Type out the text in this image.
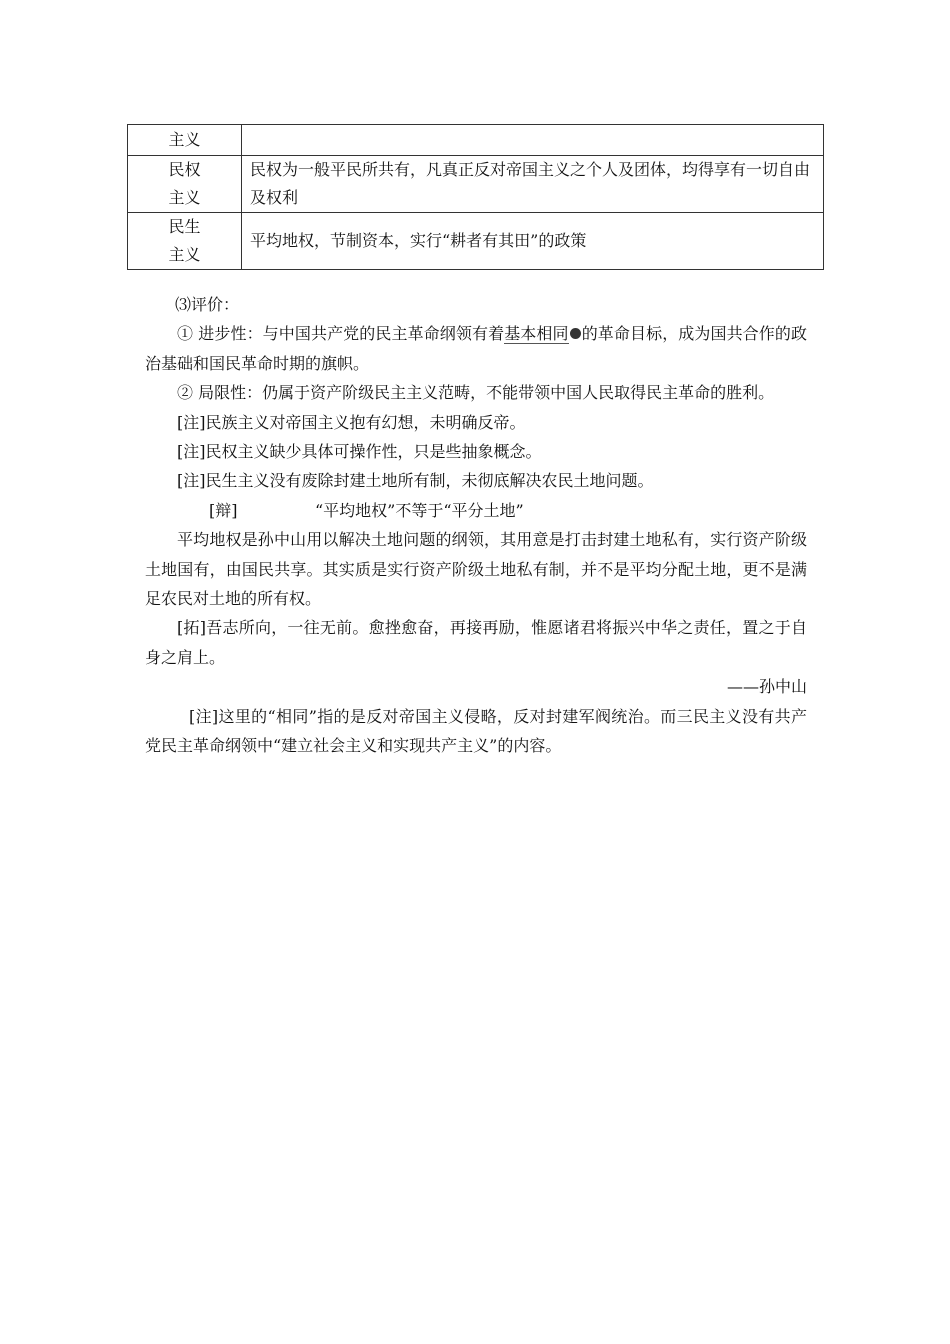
主义	

民权
主义	民权为一般平民所共有，凡真正反对帝国主义之个人及团体，均得享有一切自由及权利

民生
主义	平均地权，节制资本，实行“耕者有其田”的政策

⑶评价：

① 进步性：与中国共产党的民主革命纲领有着基本相同 的革命目标，成为国共合作的政治基础和国民革命时期的旗帜。

② 局限性：仍属于资产阶级民主主义范畴，不能带领中国人民取得民主革命的胜利。

[注]民族主义对帝国主义抱有幻想，未明确反帝。

[注]民权主义缺少具体可操作性，只是些抽象概念。

[注]民生主义没有废除封建土地所有制，未彻底解决农民土地问题。

[辩]	“平均地权”不等于“平分土地”

平均地权是孙中山用以解决土地问题的纲领，其用意是打击封建土地私有，实行资产阶级土地国有，由国民共享。其实质是实行资产阶级土地私有制，并不是平均分配土地，更不是满足农民对土地的所有权。

[拓]吾志所向，一往无前。愈挫愈奋，再接再励，惟愿诸君将振兴中华之责任，置之于自身之肩上。

——孙中山

[注]这里的“相同”指的是反对帝国主义侵略，反对封建军阀统治。而三民主义没有共产党民主革命纲领中“建立社会主义和实现共产主义”的内容。
